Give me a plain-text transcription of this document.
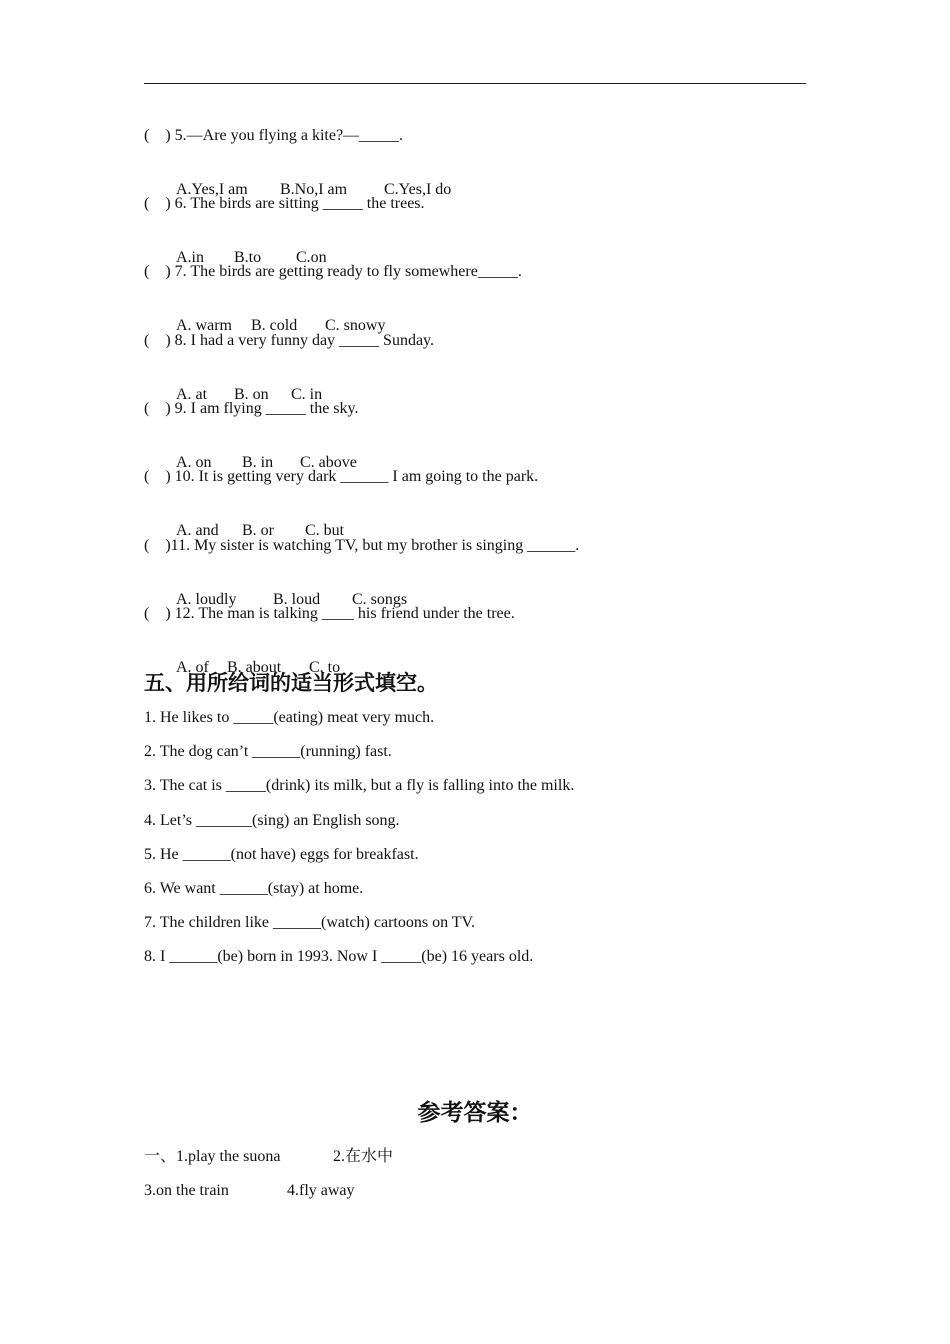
(    ) 5.—Are you flying a kite?—_____.

A.Yes,I am B.No,I am C.Yes,I do

(    ) 6. The birds are sitting _____ the trees.

A.in B.to C.on

(    ) 7. The birds are getting ready to fly somewhere_____.

A. warm B. cold C. snowy

(    ) 8. I had a very funny day _____ Sunday.

A. at B. on C. in

(    ) 9. I am flying _____ the sky.

A. on B. in C. above

(    ) 10. It is getting very dark ______ I am going to the park.

A. and B. or C. but

(    )11. My sister is watching TV, but my brother is singing ______.

A. loudly B. loud C. songs

(    ) 12. The man is talking ____ his friend under the tree.

A. of B. about C. to

五、用所给词的适当形式填空。
1. He likes to _____(eating) meat very much.
2. The dog can’t ______(running) fast.
3. The cat is _____(drink) its milk, but a fly is falling into the milk.
4. Let’s _______(sing) an English song.
5. He ______(not have) eggs for breakfast.
6. We want ______(stay) at home.
7. The children like ______(watch) cartoons on TV.
8. I ______(be) born in 1993. Now I _____(be) 16 years old.
参考答案：
一、1.play the suona	2.在水中
3.on the train	4.fly away
